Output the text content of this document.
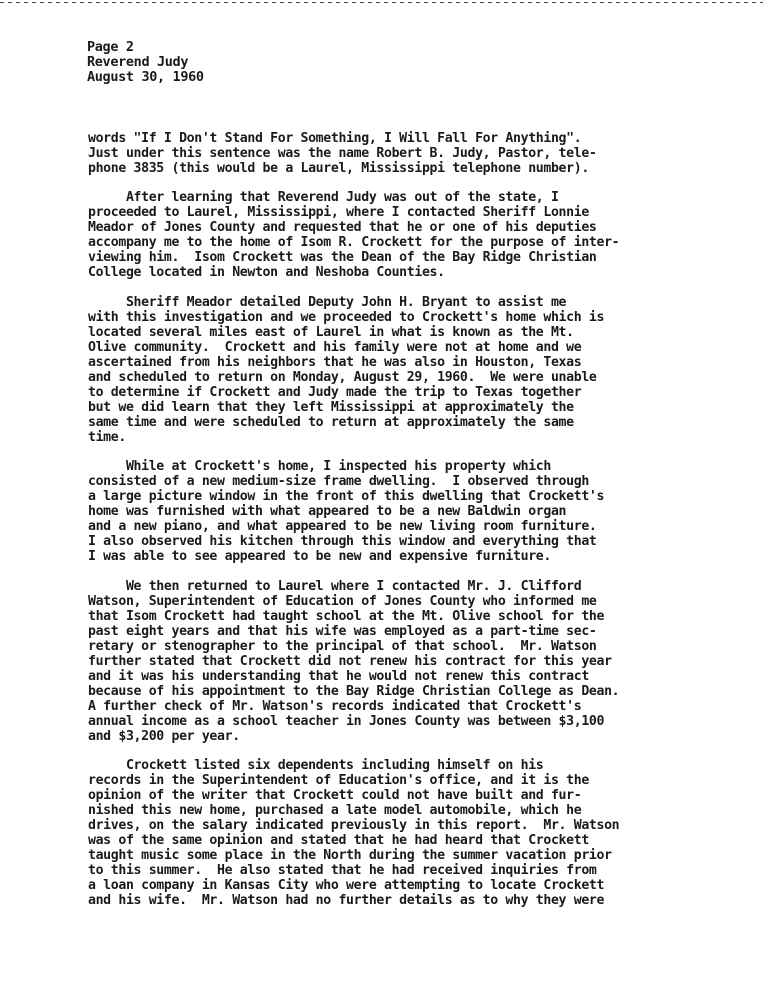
Page 2
Reverend Judy
August 30, 1960
words "If I Don't Stand For Something, I Will Fall For Anything".
Just under this sentence was the name Robert B. Judy, Pastor, tele-
phone 3835 (this would be a Laurel, Mississippi telephone number).
After learning that Reverend Judy was out of the state, I
proceeded to Laurel, Mississippi, where I contacted Sheriff Lonnie
Meador of Jones County and requested that he or one of his deputies
accompany me to the home of Isom R. Crockett for the purpose of inter-
viewing him.  Isom Crockett was the Dean of the Bay Ridge Christian
College located in Newton and Neshoba Counties.
Sheriff Meador detailed Deputy John H. Bryant to assist me
with this investigation and we proceeded to Crockett's home which is
located several miles east of Laurel in what is known as the Mt.
Olive community.  Crockett and his family were not at home and we
ascertained from his neighbors that he was also in Houston, Texas
and scheduled to return on Monday, August 29, 1960.  We were unable
to determine if Crockett and Judy made the trip to Texas together
but we did learn that they left Mississippi at approximately the
same time and were scheduled to return at approximately the same
time.
While at Crockett's home, I inspected his property which
consisted of a new medium-size frame dwelling.  I observed through
a large picture window in the front of this dwelling that Crockett's
home was furnished with what appeared to be a new Baldwin organ
and a new piano, and what appeared to be new living room furniture.
I also observed his kitchen through this window and everything that
I was able to see appeared to be new and expensive furniture.
We then returned to Laurel where I contacted Mr. J. Clifford
Watson, Superintendent of Education of Jones County who informed me
that Isom Crockett had taught school at the Mt. Olive school for the
past eight years and that his wife was employed as a part-time sec-
retary or stenographer to the principal of that school.  Mr. Watson
further stated that Crockett did not renew his contract for this year
and it was his understanding that he would not renew this contract
because of his appointment to the Bay Ridge Christian College as Dean.
A further check of Mr. Watson's records indicated that Crockett's
annual income as a school teacher in Jones County was between $3,100
and $3,200 per year.
Crockett listed six dependents including himself on his
records in the Superintendent of Education's office, and it is the
opinion of the writer that Crockett could not have built and fur-
nished this new home, purchased a late model automobile, which he
drives, on the salary indicated previously in this report.  Mr. Watson
was of the same opinion and stated that he had heard that Crockett
taught music some place in the North during the summer vacation prior
to this summer.  He also stated that he had received inquiries from
a loan company in Kansas City who were attempting to locate Crockett
and his wife.  Mr. Watson had no further details as to why they were
